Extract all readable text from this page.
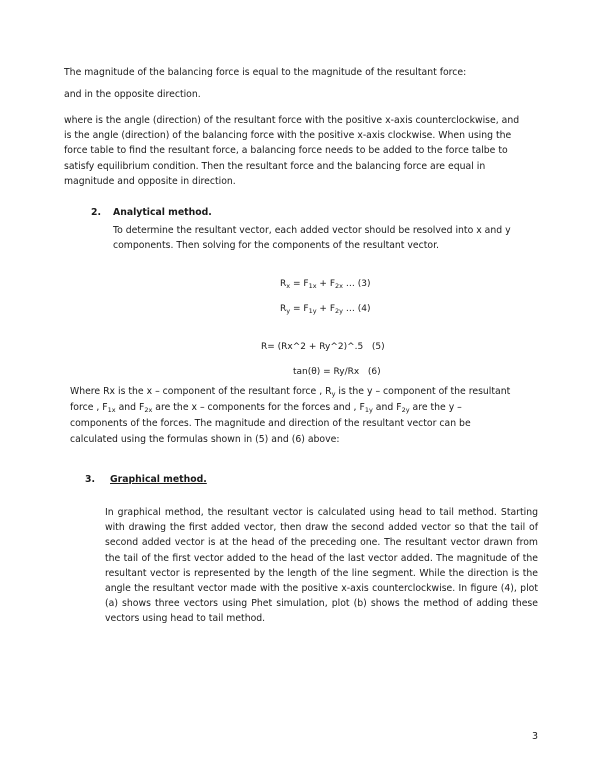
The magnitude of the balancing force is equal to the magnitude of the resultant force:

and in the opposite direction.

where is the angle (direction) of the resultant force with the positive x-axis counterclockwise, and is the angle (direction) of the balancing force with the positive x-axis clockwise. When using the force table to find the resultant force, a balancing force needs to be added to the force talbe to satisfy equilibrium condition. Then the resultant force and the balancing force are equal in magnitude and opposite in direction.

2. Analytical method.

To determine the resultant vector, each added vector should be resolved into x and y components. Then solving for the components of the resultant vector.

$R_x = F_{1x} + F_{2x}$ … (3)
$R_y = F_{1y} + F_{2y}$ … (4)
R= (Rx^2 + Ry^2)^.5 (5)
tan(θ) = Ry/Rx (6)

Where Rx is the x – component of the resultant force , $R_y$ is the y – component of the resultant

force , $F_{1x}$ and $F_{2x}$ are the x – components for the forces and , $F_{1y}$ and $F_{2y}$ are the y –

components of the forces. The magnitude and direction of the resultant vector can be

calculated using the formulas shown in (5) and (6) above:

3. Graphical method.

In graphical method, the resultant vector is calculated using head to tail method. Starting with drawing the first added vector, then draw the second added vector so that the tail of second added vector is at the head of the preceding one. The resultant vector drawn from the tail of the first vector added to the head of the last vector added. The magnitude of the resultant vector is represented by the length of the line segment. While the direction is the angle the resultant vector made with the positive x-axis counterclockwise. In figure (4), plot (a) shows three vectors using Phet simulation, plot (b) shows the method of adding these vectors using head to tail method.

3
